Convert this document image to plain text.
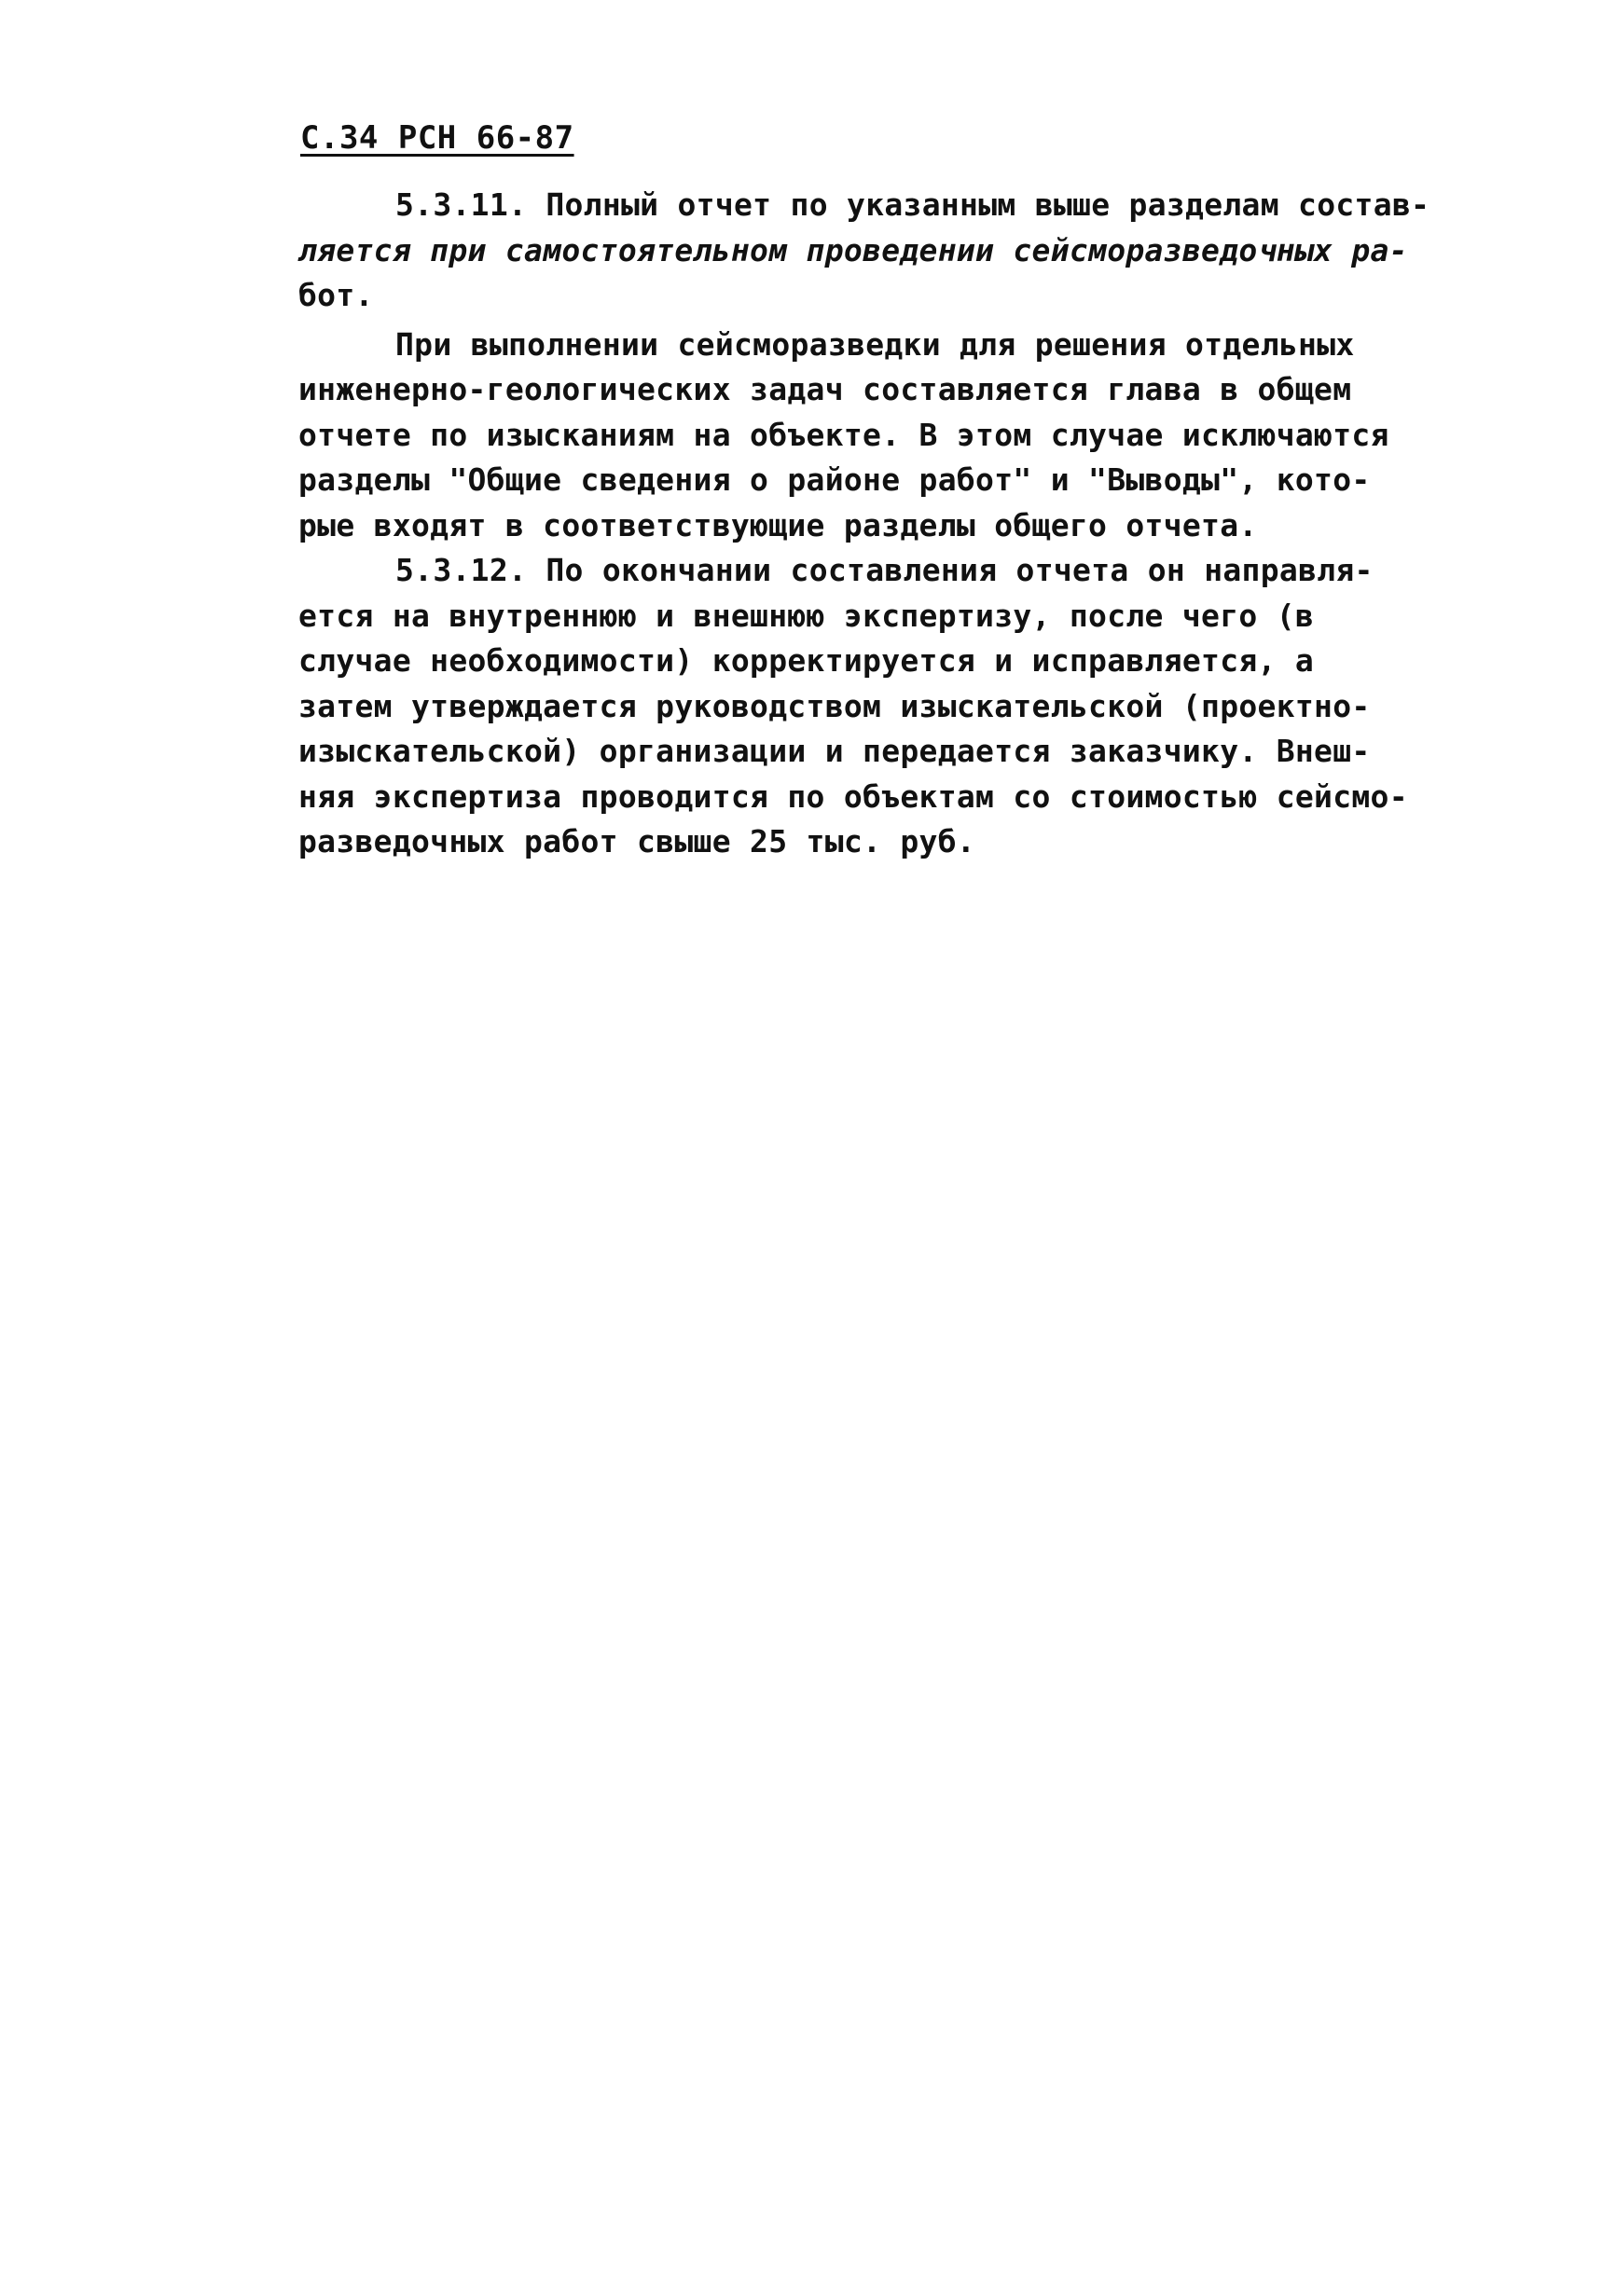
С.34 РСН 66-87
5.3.11. Полный отчет по указанным выше разделам состав-
ляется при самостоятельном проведении сейсморазведочных ра-
бот.
При выполнении сейсморазведки для решения отдельных
инженерно-геологических задач составляется глава в общем
отчете по изысканиям на объекте. В этом случае исключаются
разделы "Общие сведения о районе работ" и "Выводы", кото-
рые входят в соответствующие разделы общего отчета.
5.3.12. По окончании составления отчета он направля-
ется на внутреннюю и внешнюю экспертизу, после чего (в
случае необходимости) корректируется и исправляется, а
затем утверждается руководством изыскательской (проектно-
изыскательской) организации и передается заказчику. Внеш-
няя экспертиза проводится по объектам со стоимостью сейсмо-
разведочных работ свыше 25 тыс. руб.
